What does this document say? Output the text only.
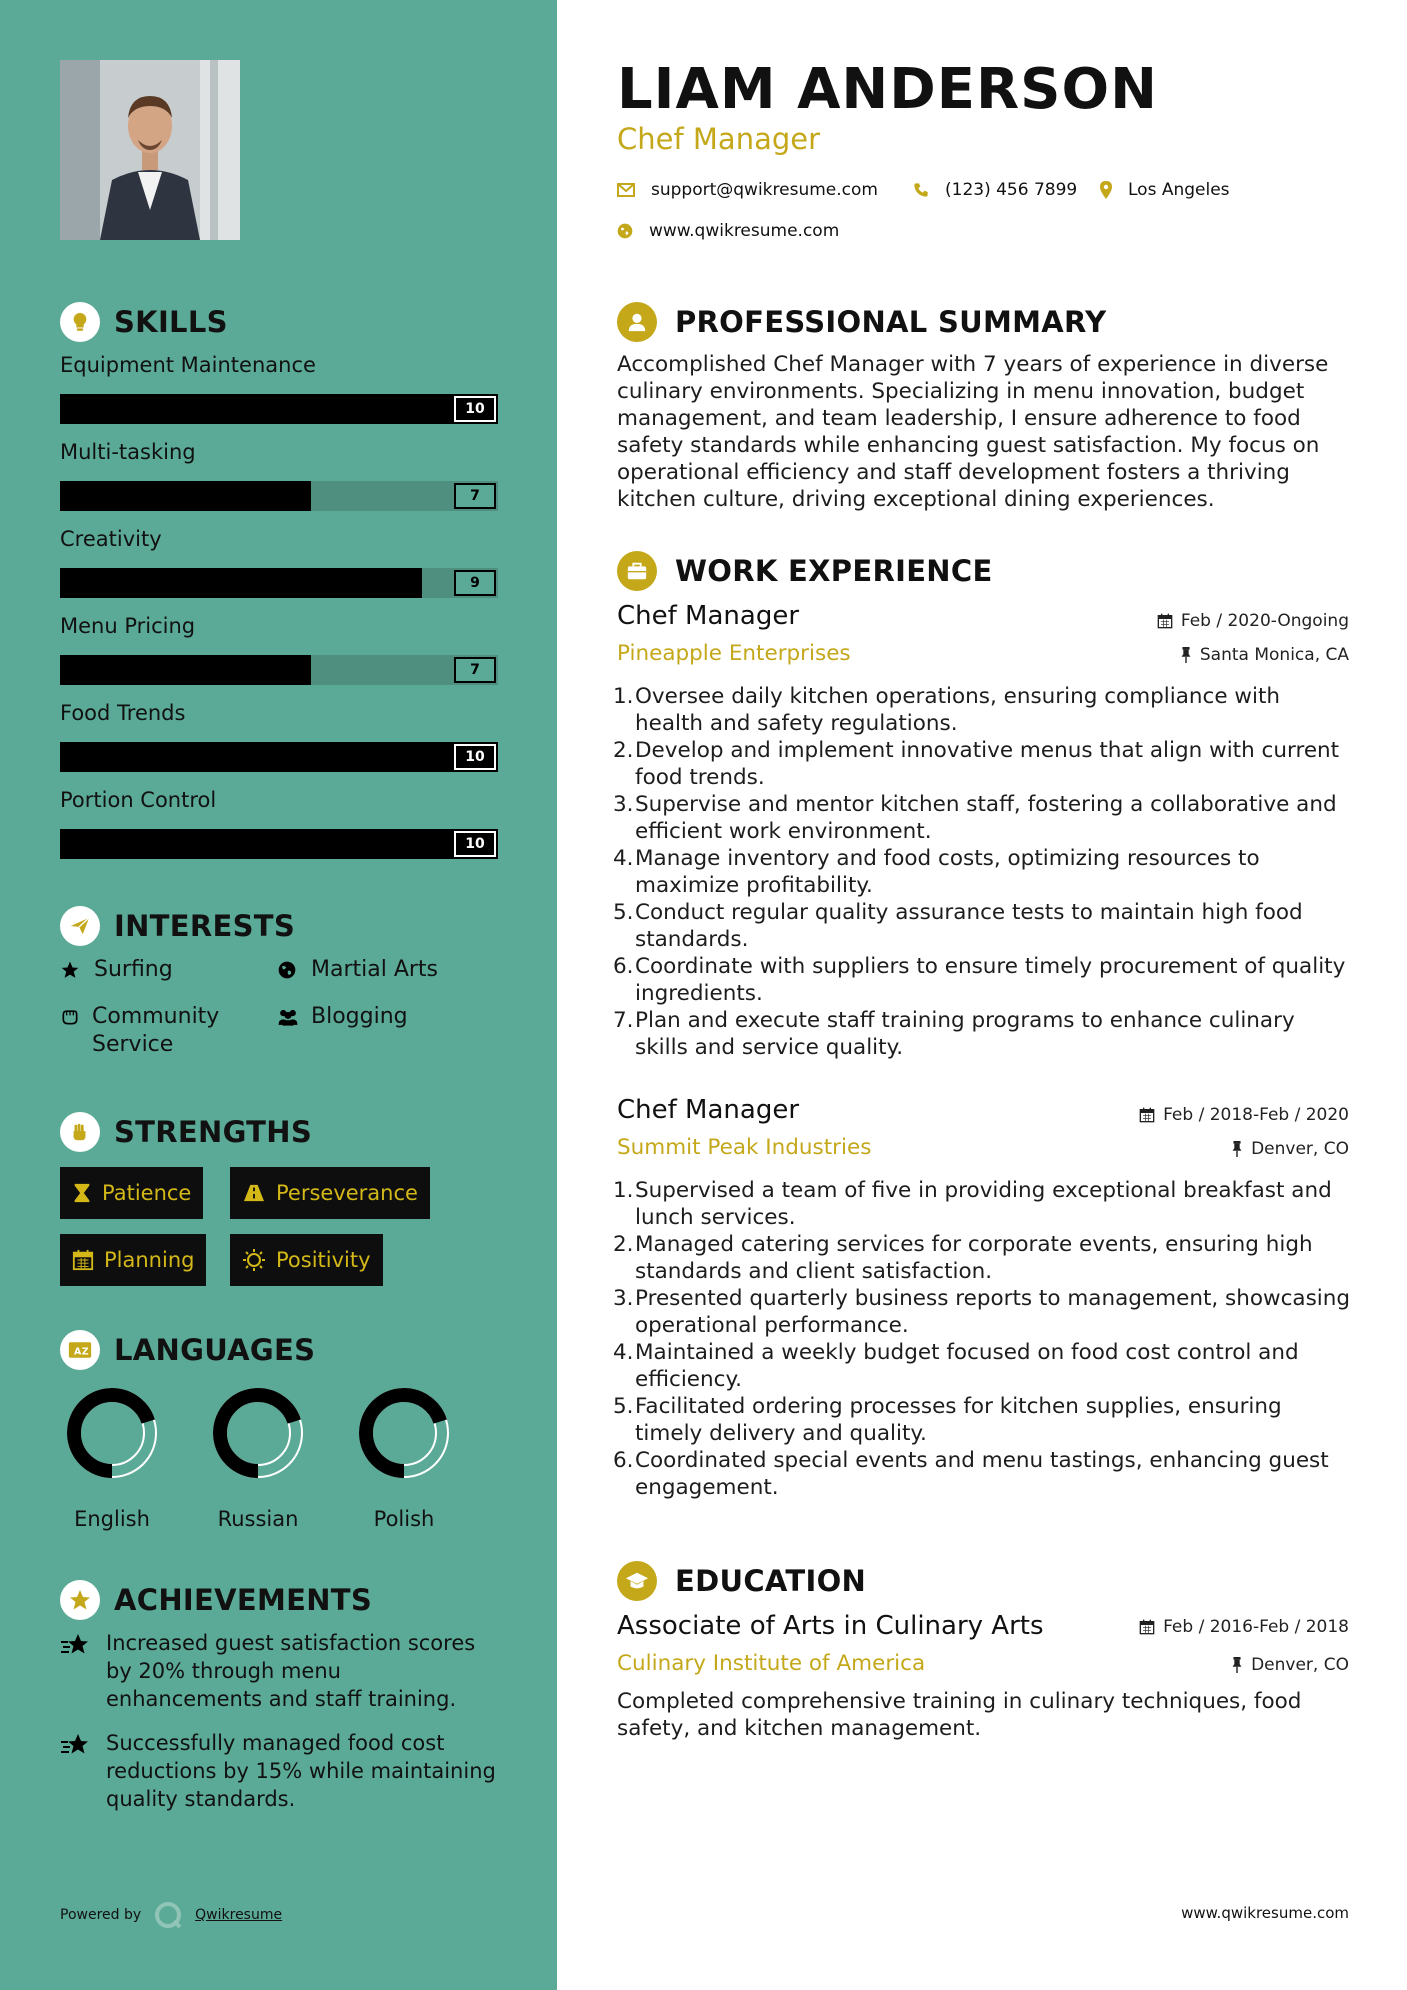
SKILLS
Equipment Maintenance
10
Multi-tasking
7
Creativity
9
Menu Pricing
7
Food Trends
10
Portion Control
10
INTERESTS
Surfing	Martial Arts
Community Service
Blogging
STRENGTHS
Patience	Perseverance
Planning	Positivity
A Z LANGUAGES
English	Russian	Polish
ACHIEVEMENTS
Increased guest satisfaction scores by 20% through menu enhancements and staff training.
Successfully managed food cost reductions by 15% while maintaining quality standards.
Powered by	Qwikresume
LIAM ANDERSON
Chef Manager
support@qwikresume.com	(123) 456 7899	Los Angeles
www.qwikresume.com
PROFESSIONAL SUMMARY
Accomplished Chef Manager with 7 years of experience in diverse culinary environments. Specializing in menu innovation, budget management, and team leadership, I ensure adherence to food safety standards while enhancing guest satisfaction. My focus on operational efficiency and staff development fosters a thriving kitchen culture, driving exceptional dining experiences.
WORK EXPERIENCE
Chef Manager	Feb / 2020-Ongoing
Pineapple Enterprises	Santa Monica, CA
1. Oversee daily kitchen operations, ensuring compliance with health and safety regulations.
2. Develop and implement innovative menus that align with current food trends.
3. Supervise and mentor kitchen staff, fostering a collaborative and efficient work environment.
4. Manage inventory and food costs, optimizing resources to maximize profitability.
5. Conduct regular quality assurance tests to maintain high food standards.
6. Coordinate with suppliers to ensure timely procurement of quality ingredients.
7. Plan and execute staff training programs to enhance culinary skills and service quality.
Chef Manager	Feb / 2018-Feb / 2020
Summit Peak Industries	Denver, CO
1. Supervised a team of five in providing exceptional breakfast and lunch services.
2. Managed catering services for corporate events, ensuring high standards and client satisfaction.
3. Presented quarterly business reports to management, showcasing operational performance.
4. Maintained a weekly budget focused on food cost control and efficiency.
5. Facilitated ordering processes for kitchen supplies, ensuring timely delivery and quality.
6. Coordinated special events and menu tastings, enhancing guest engagement.
EDUCATION
Associate of Arts in Culinary Arts	Feb / 2016-Feb / 2018
Culinary Institute of America	Denver, CO
Completed comprehensive training in culinary techniques, food safety, and kitchen management.
www.qwikresume.com
